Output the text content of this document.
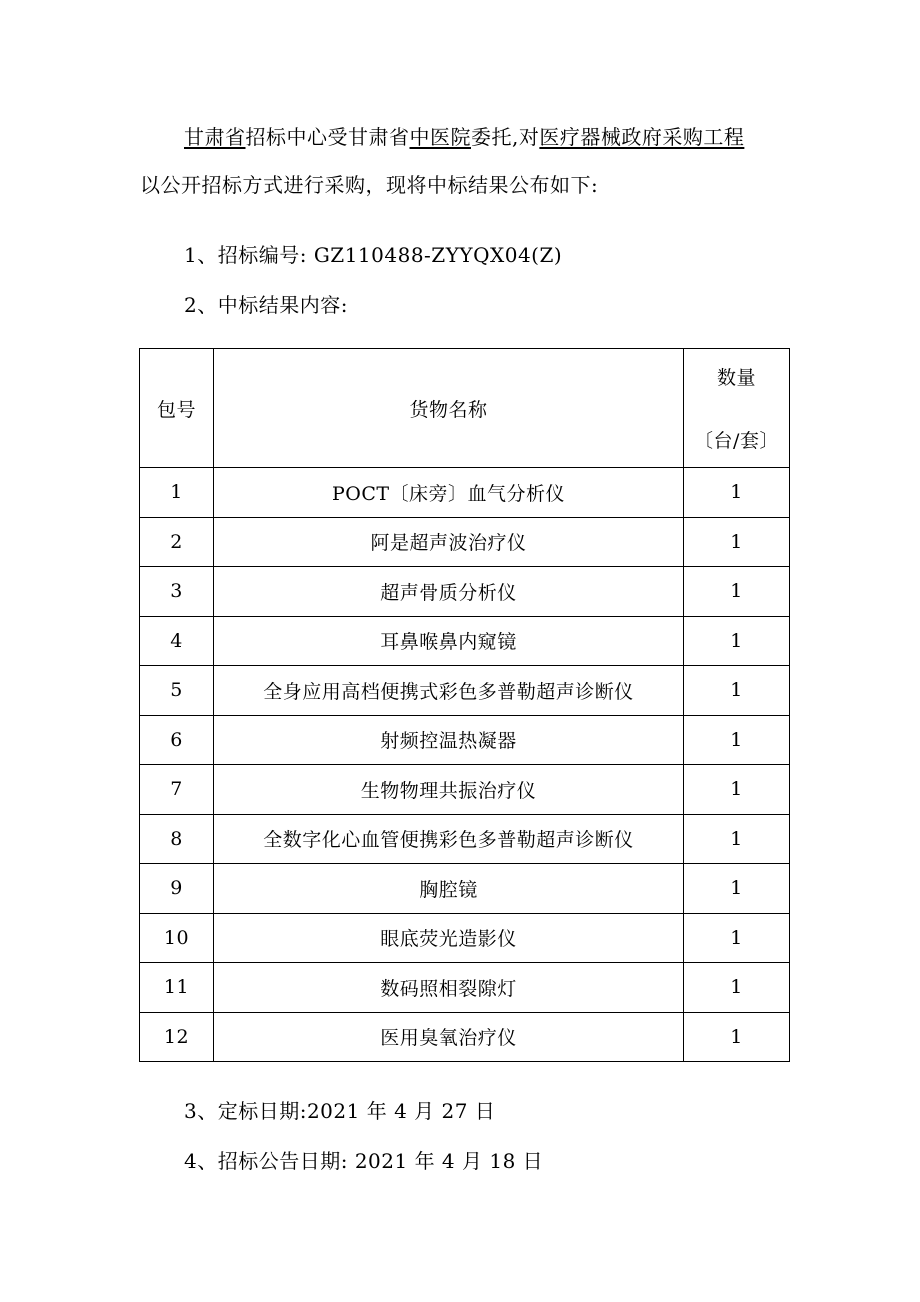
甘肃省招标中心受甘肃省中医院委托,对医疗器械政府采购工程
以公开招标方式进行采购，现将中标结果公布如下:
1、招标编号: GZ110488-ZYYQX04(Z)
2、中标结果内容:
包号	货物名称	数量
〔台/套〕

1	POCT〔床旁〕血气分析仪	1
2	阿是超声波治疗仪	1
3	超声骨质分析仪	1
4	耳鼻喉鼻内窥镜	1
5	全身应用高档便携式彩色多普勒超声诊断仪	1
6	射频控温热凝器	1
7	生物物理共振治疗仪	1
8	全数字化心血管便携彩色多普勒超声诊断仪	1
9	胸腔镜	1
10	眼底荧光造影仪	1
11	数码照相裂隙灯	1
12	医用臭氧治疗仪	1
3、定标日期:2021 年 4 月 27 日
4、招标公告日期: 2021 年 4 月 18 日
